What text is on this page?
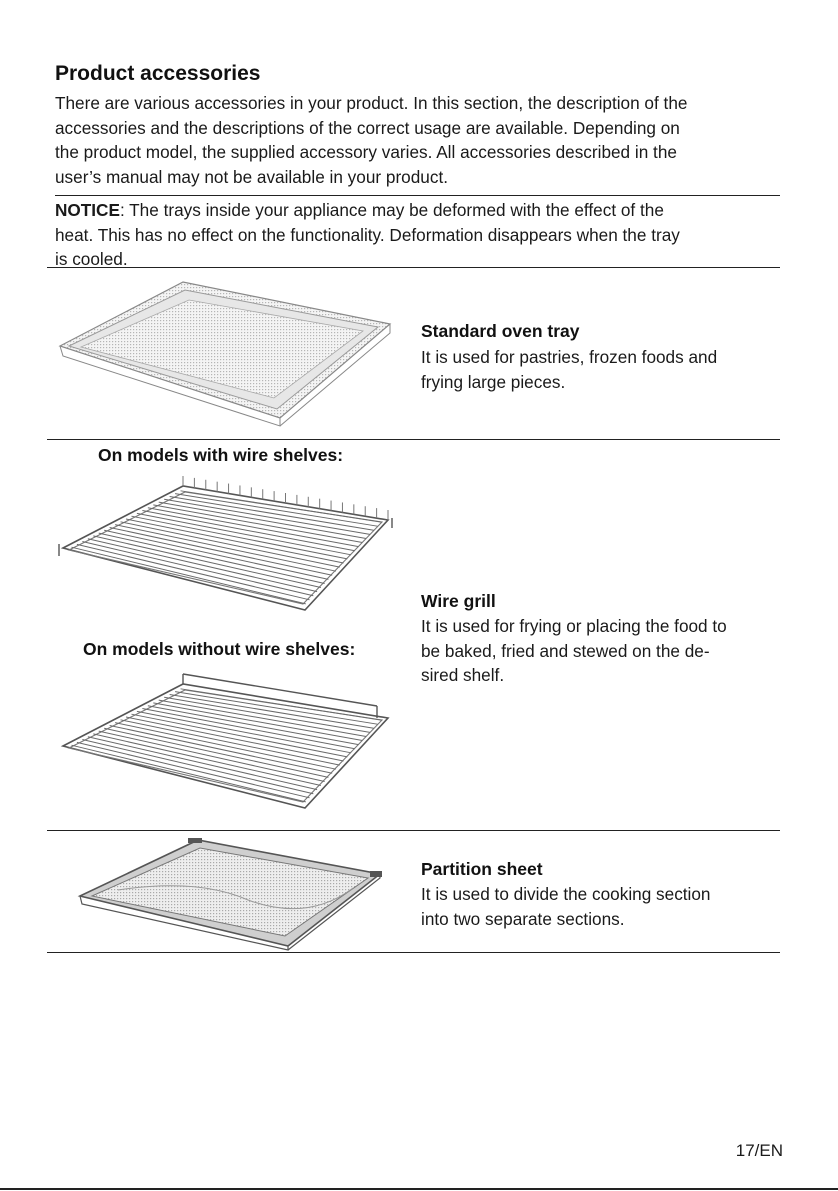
Product accessories

There are various accessories in your product. In this section, the description of the

accessories and the descriptions of the correct usage are available. Depending on

the product model, the supplied accessory varies. All accessories described in the

user’s manual may not be available in your product.

NOTICE: The trays inside your appliance may be deformed with the effect of the

heat. This has no effect on the functionality. Deformation disappears when the tray

is cooled.

Standard oven tray

It is used for pastries, frozen foods and

frying large pieces.

On models with wire shelves:
On models without wire shelves:
Wire grill

It is used for frying or placing the food to

be baked, fried and stewed on the de-

sired shelf.

Partition sheet

It is used to divide the cooking section

into two separate sections.

17/EN
